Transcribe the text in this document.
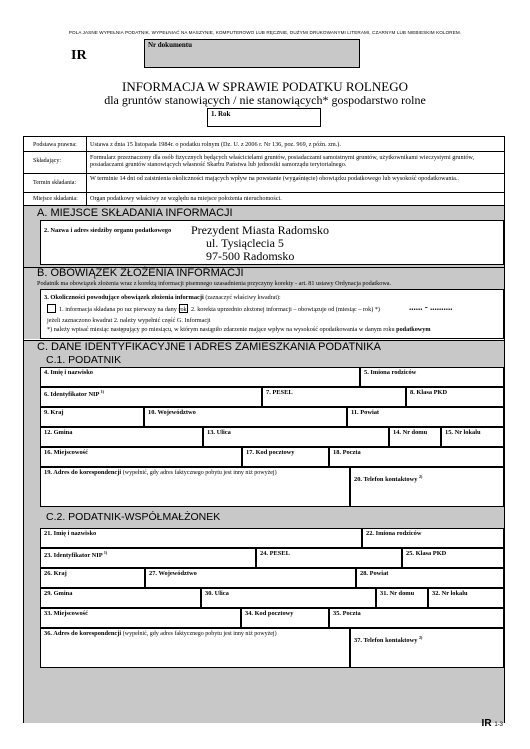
POLA JASNE WYPEŁNIA PODATNIK. WYPEŁNIAĆ NA MASZYNIE, KOMPUTEROWO LUB RĘCZNIE, DUŻYMI DRUKOWANYMI LITERAMI, CZARNYM LUB NIEBIESKIM KOLOREM.
IR
Nr dokumentu
INFORMACJA W SPRAWIE PODATKU ROLNEGO
dla gruntów stanowiących / nie stanowiących* gospodarstwo rolne
1. Rok
Podstawa prawna: Ustawa z dnia 15 listopada 1984r. o podatku rolnym (Dz. U. z 2006 r. Nr 136, poz. 969, z późn. zm.).
Składający:	Formularz przeznaczony dla osób fizycznych będących właścicielami gruntów, posiadaczami samoistnymi gruntów, użytkownikami wieczystymi gruntów, posiadaczami gruntów stanowiących własność Skarbu Państwa lub jednostki samorządu terytorialnego.
Termin składania:
W terminie 14 dni od zaistnienia okoliczności mających wpływ na powstanie (wygaśnięcie) obowiązku podatkowego lub wysokość opodatkowania..
Miejsce składania: Organ podatkowy właściwy ze względu na miejsce położenia nieruchomości.
A. MIEJSCE SKŁADANIA INFORMACJI
2. Nazwa i adres siedziby organu podatkowego Prezydent Miasta Radomsko
ul. Tysiąclecia 5
97-500 Radomsko
B. OBOWIĄZEK ZŁOŻENIA INFORMACJI
Podatnik ma obowiązek złożenia wraz z korektą informacji pisemnego uzasadnienia przyczyny korekty - art. 81 ustawy Ordynacja podatkowa.
3. Okoliczności powodujące obowiązek złożenia informacji (zaznaczyć właściwy kwadrat):
1. informacja składana po raz pierwszy na dany rok 2. korekta uprzednio złożonej informacji – obowiązuje od (miesiąc – rok) *)	...... - ..........
jeżeli zaznaczono kwadrat 2. należy wypełnić część G. Informacji
*) należy wpisać miesiąc następujący po miesiącu, w którym nastąpiło zdarzenie mające wpływ na wysokość opodatkowania w danym roku podatkowym
C. DANE IDENTYFIKACYJNE I ADRES ZAMIESZKANIA PODATNIKA
C.1. PODATNIK
4. Imię i nazwisko	5. Imiona rodziców
6. Identyfikator NIP $^{1)}$	7. PESEL	8. Klasa PKD
9. Kraj	10. Województwo	11. Powiat
12. Gmina	13. Ulica	14. Nr domu	15. Nr lokalu
16. Miejscowość	17. Kod pocztowy	18. Poczta
19. Adres do korespondencji (wypełnić, gdy adres faktycznego pobytu jest inny niż powyżej)
20. Telefon kontaktowy $^{2)}$
C.2. PODATNIK-WSPÓŁMAŁŻONEK
21. Imię i nazwisko	22. Imiona rodziców
23. Identyfikator NIP $^{1)}$	24. PESEL	25. Klasa PKD
26. Kraj	27. Województwo	28. Powiat
29. Gmina	30. Ulica	31. Nr domu	32. Nr lokalu
33. Miejscowość	34. Kod pocztowy	35. Poczta
36. Adres do korespondencji (wypełnić, gdy adres faktycznego pobytu jest inny niż powyżej)
37. Telefon kontaktowy $^{2)}$
IR 1-3
